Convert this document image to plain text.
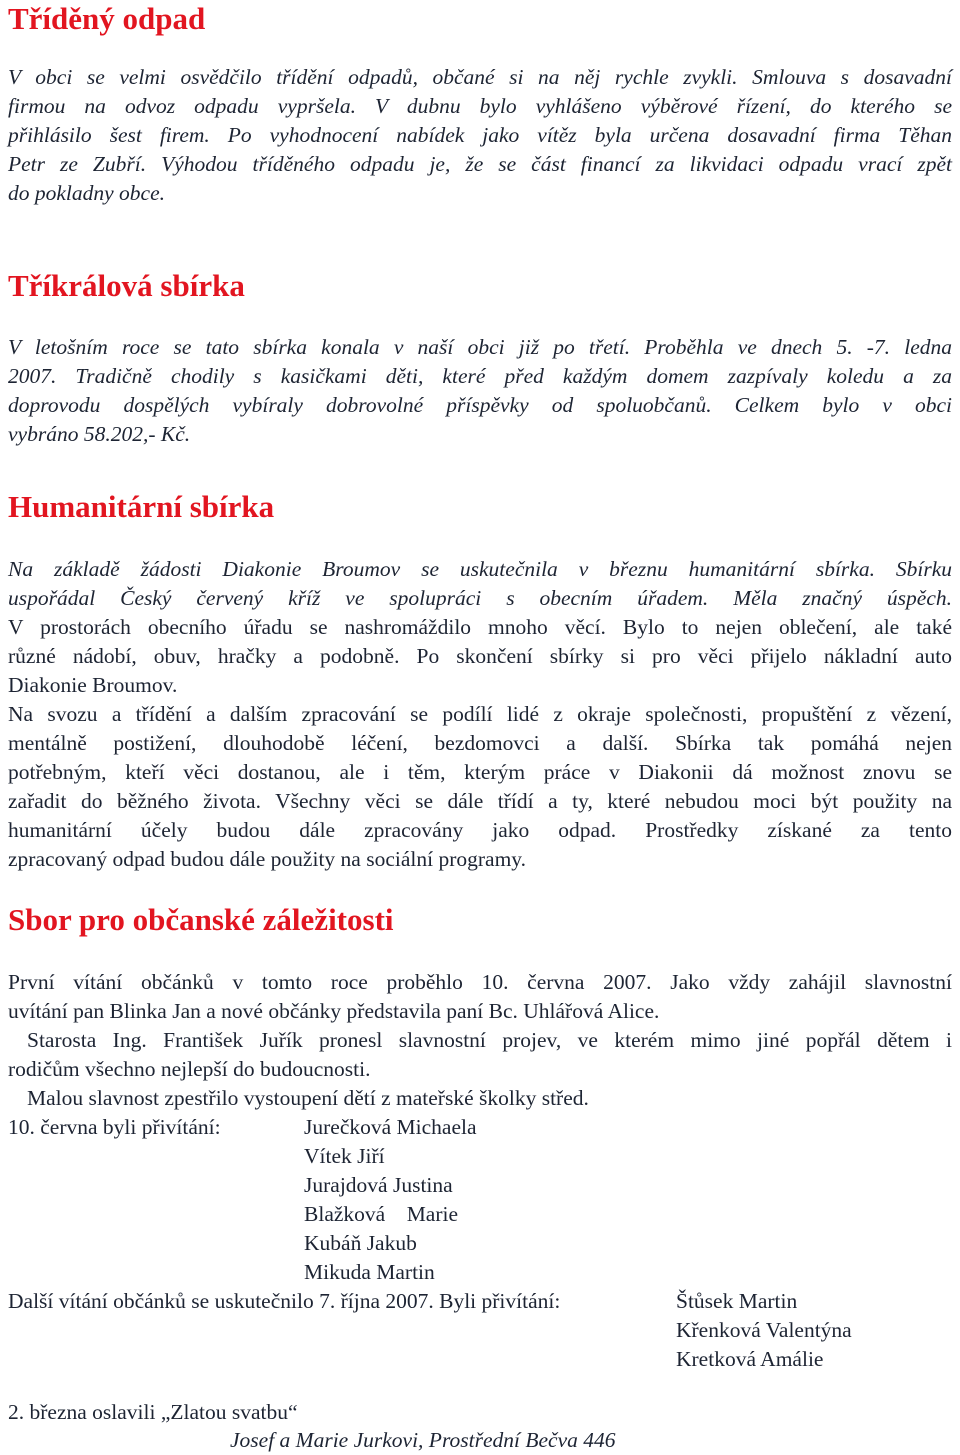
Tříděný odpad
V obci se velmi osvědčilo třídění odpadů, občané si na něj rychle zvykli. Smlouva s dosavadní
firmou na odvoz odpadu vypršela. V dubnu bylo vyhlášeno výběrové řízení, do kterého se
přihlásilo šest firem. Po vyhodnocení nabídek jako vítěz byla určena dosavadní firma Těhan
Petr ze Zubří. Výhodou tříděného odpadu je, že se část financí za likvidaci odpadu vrací zpět
do pokladny obce.
Tříkrálová sbírka
V letošním roce se tato sbírka konala v naší obci již po třetí. Proběhla ve dnech 5. -7. ledna
2007. Tradičně chodily s kasičkami děti, které před každým domem zazpívaly koledu a za
doprovodu dospělých vybíraly dobrovolné příspěvky od spoluobčanů. Celkem bylo v obci
vybráno 58.202,- Kč.
Humanitární sbírka
Na základě žádosti Diakonie Broumov se uskutečnila v březnu humanitární sbírka. Sbírku
uspořádal Český červený kříž ve spolupráci s obecním úřadem. Měla značný úspěch.
V prostorách obecního úřadu se nashromáždilo mnoho věcí. Bylo to nejen oblečení, ale také
různé nádobí, obuv, hračky a podobně. Po skončení sbírky si pro věci přijelo nákladní auto
Diakonie Broumov.
Na svozu a třídění a dalším zpracování se podílí lidé z okraje společnosti, propuštění z vězení,
mentálně postižení, dlouhodobě léčení, bezdomovci a další. Sbírka tak pomáhá nejen
potřebným, kteří věci dostanou, ale i těm, kterým práce v Diakonii dá možnost znovu se
zařadit do běžného života. Všechny věci se dále třídí a ty, které nebudou moci být použity na
humanitární účely budou dále zpracovány jako odpad. Prostředky získané za tento
zpracovaný odpad budou dále použity na sociální programy.
Sbor pro občanské záležitosti
První vítání občánků v tomto roce proběhlo 10. června 2007. Jako vždy zahájil slavnostní
uvítání pan Blinka Jan a nové občánky představila paní Bc. Uhlářová Alice.
Starosta Ing. František Juřík pronesl slavnostní projev, ve kterém mimo jiné popřál dětem i
rodičům všechno nejlepší do budoucnosti.
Malou slavnost zpestřilo vystoupení dětí z mateřské školky střed.
10. června byli přivítání:	Jurečková Michaela
Vítek Jiří
Jurajdová Justina
Blažková    Marie
Kubáň Jakub
Mikuda Martin
Další vítání občánků se uskutečnilo 7. října 2007. Byli přivítání:	Štůsek Martin
Křenková Valentýna
Kretková Amálie
2. března oslavili „Zlatou svatbu“
Josef a Marie Jurkovi, Prostřední Bečva 446
